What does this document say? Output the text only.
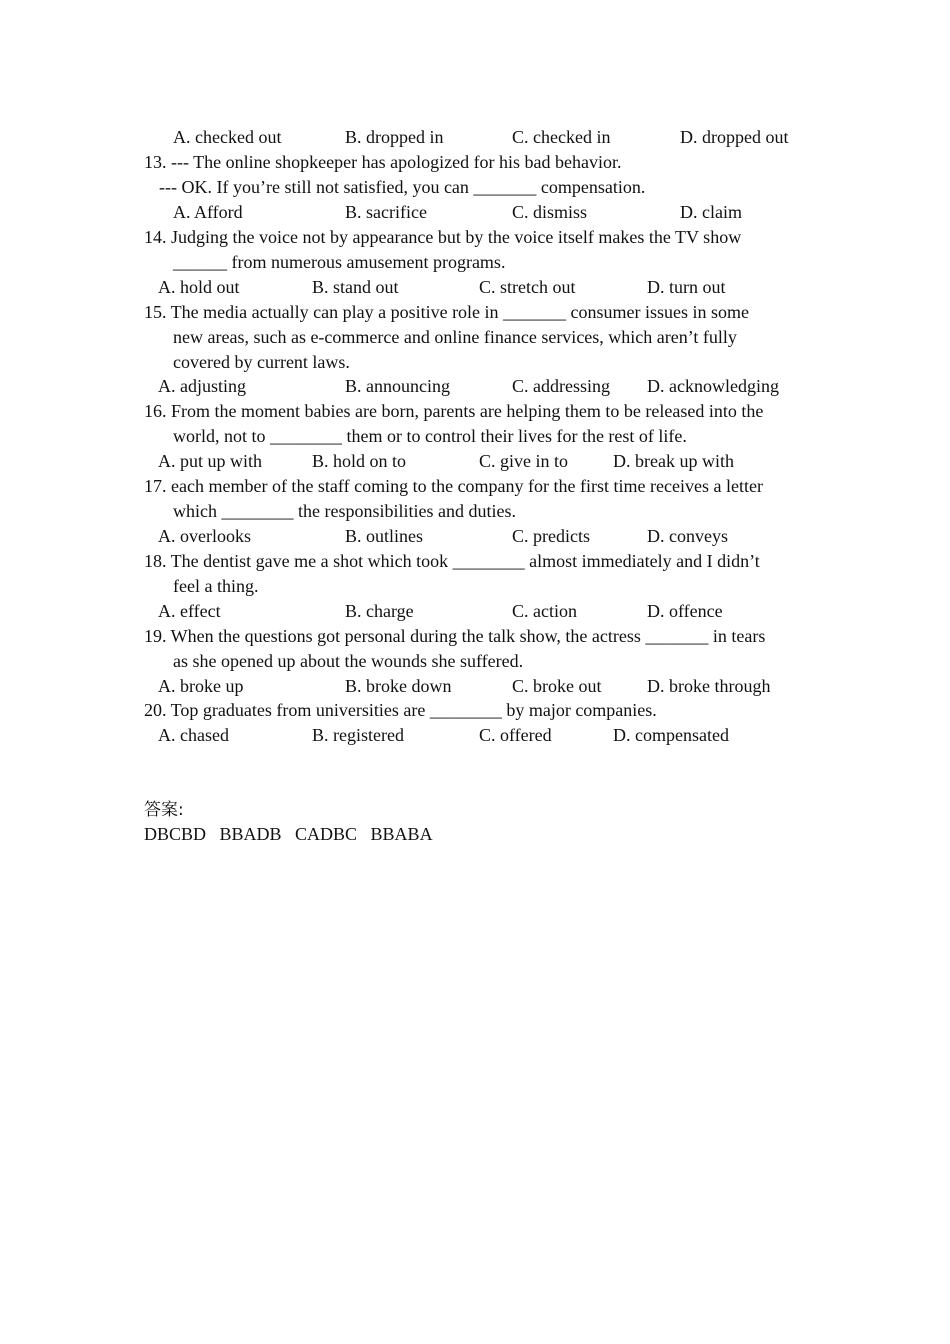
A. checked out	B. dropped in	C. checked in	D. dropped out
13. --- The online shopkeeper has apologized for his bad behavior.
--- OK. If you’re still not satisfied, you can _______ compensation.
A. Afford	B. sacrifice	C. dismiss	D. claim
14. Judging the voice not by appearance but by the voice itself makes the TV show
______ from numerous amusement programs.
A. hold out	B. stand out	C. stretch out	D. turn out
15. The media actually can play a positive role in _______ consumer issues in some
new areas, such as e-commerce and online finance services, which aren’t fully
covered by current laws.
A. adjusting	B. announcing	C. addressing D. acknowledging
16. From the moment babies are born, parents are helping them to be released into the
world, not to ________ them or to control their lives for the rest of life.
A. put up with	B. hold on to	C. give in to	D. break up with
17. each member of the staff coming to the company for the first time receives a letter
which ________ the responsibilities and duties.
A. overlooks	B. outlines	C. predicts	D. conveys
18. The dentist gave me a shot which took ________ almost immediately and I didn’t
feel a thing.
A. effect	B. charge	C. action	D. offence
19. When the questions got personal during the talk show, the actress _______ in tears
as she opened up about the wounds she suffered.
A. broke up	B. broke down	C. broke out	D. broke through
20. Top graduates from universities are ________ by major companies.
A. chased	B. registered	C. offered	D. compensated
答案:
DBCBD   BBADB   CADBC   BBABA
